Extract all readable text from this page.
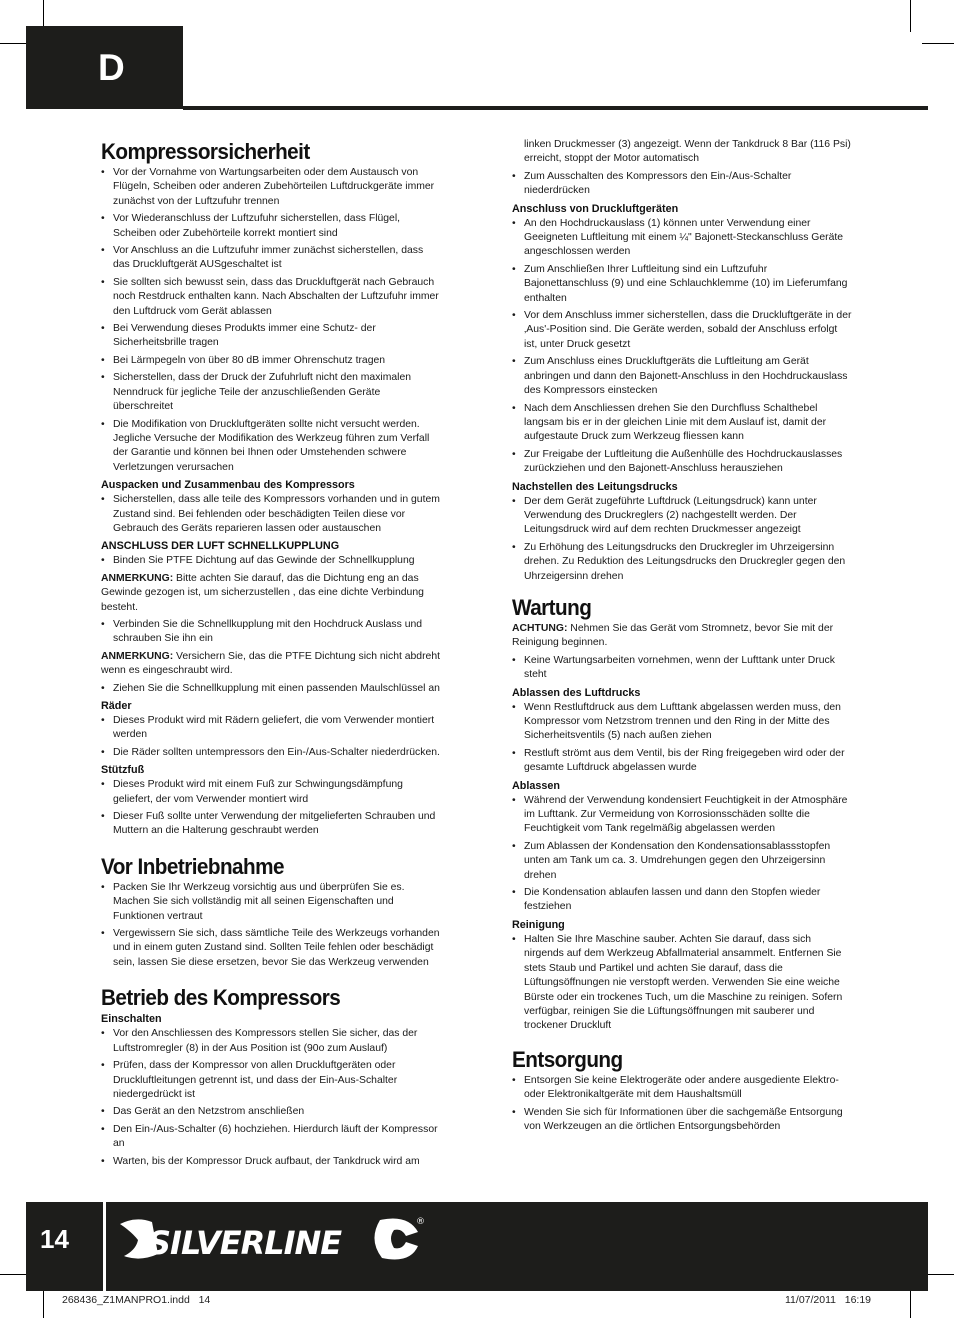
D
Kompressorsicherheit
• Vor der Vornahme von Wartungsarbeiten oder dem Austausch von Flügeln, Scheiben oder anderen Zubehörteilen Luftdruckgeräte immer zunächst von der Luftzufuhr trennen
• Vor Wiederanschluss der Luftzufuhr sicherstellen, dass Flügel, Scheiben oder Zubehörteile korrekt montiert sind
• Vor Anschluss an die Luftzufuhr immer zunächst sicherstellen, dass das Druckluftgerät AUSgeschaltet ist
• Sie sollten sich bewusst sein, dass das Druckluftgerät nach Gebrauch noch Restdruck enthalten kann. Nach Abschalten der Luftzufuhr immer den Luftdruck vom Gerät ablassen
• Bei Verwendung dieses Produkts immer eine Schutz- der Sicherheitsbrille tragen
• Bei Lärmpegeln von über 80 dB immer Ohrenschutz tragen
• Sicherstellen, dass der Druck der Zufuhrluft nicht den maximalen Nenndruck für jegliche Teile der anzuschließenden Geräte überschreitet
• Die Modifikation von Druckluftgeräten sollte nicht versucht werden. Jegliche Versuche der Modifikation des Werkzeug führen zum Verfall der Garantie und können bei Ihnen oder Umstehenden schwere Verletzungen verursachen
Auspacken und Zusammenbau des Kompressors
• Sicherstellen, dass alle teile des Kompressors vorhanden und in gutem Zustand sind. Bei fehlenden oder beschädigten Teilen diese vor Gebrauch des Geräts reparieren lassen oder austauschen
ANSCHLUSS DER LUFT SCHNELLKUPPLUNG
• Binden Sie PTFE Dichtung auf das Gewinde der Schnellkupplung

ANMERKUNG: Bitte achten Sie darauf, das die Dichtung eng an das Gewinde gezogen ist, um sicherzustellen , das eine dichte Verbindung besteht.

• Verbinden Sie die Schnellkupplung mit den Hochdruck Auslass und schrauben Sie ihn ein

ANMERKUNG: Versichern Sie, das die PTFE Dichtung sich nicht abdreht wenn es eingeschraubt wird.

• Ziehen Sie die Schnellkupplung mit einen passenden Maulschlüssel an
Räder
• Dieses Produkt wird mit Rädern geliefert, die vom Verwender montiert werden
• Die Räder sollten untempressors den Ein-/Aus-Schalter niederdrücken.
Stützfuß
• Dieses Produkt wird mit einem Fuß zur Schwingungsdämpfung geliefert, der vom Verwender montiert wird
• Dieser Fuß sollte unter Verwendung der mitgelieferten Schrauben und Muttern an die Halterung geschraubt werden
Vor Inbetriebnahme
• Packen Sie Ihr Werkzeug vorsichtig aus und überprüfen Sie es. Machen Sie sich vollständig mit all seinen Eigenschaften und Funktionen vertraut
• Vergewissern Sie sich, dass sämtliche Teile des Werkzeugs vorhanden und in einem guten Zustand sind. Sollten Teile fehlen oder beschädigt sein, lassen Sie diese ersetzen, bevor Sie das Werkzeug verwenden
Betrieb des Kompressors
Einschalten
• Vor den Anschliessen des Kompressors stellen Sie sicher, das der Luftstromregler (8) in der Aus Position ist (90o zum Auslauf)
• Prüfen, dass der Kompressor von allen Druckluftgeräten oder Druckluftleitungen getrennt ist, und dass der Ein-Aus-Schalter niedergedrückt ist
• Das Gerät an den Netzstrom anschließen
• Den Ein-/Aus-Schalter (6) hochziehen. Hierdurch läuft der Kompressor an
• Warten, bis der Kompressor Druck aufbaut, der Tankdruck wird am

linken Druckmesser (3) angezeigt. Wenn der Tankdruck 8 Bar (116 Psi) erreicht, stoppt der Motor automatisch

• Zum Ausschalten des Kompressors den Ein-/Aus-Schalter niederdrücken
Anschluss von Druckluftgeräten
• An den Hochdruckauslass (1) können unter Verwendung einer Geeigneten Luftleitung mit einem ¼" Bajonett-Steckanschluss Geräte angeschlossen werden
• Zum Anschließen Ihrer Luftleitung sind ein Luftzufuhr Bajonettanschluss (9) und eine Schlauchklemme (10) im Lieferumfang enthalten
• Vor dem Anschluss immer sicherstellen, dass die Druckluftgeräte in der ‚Aus'-Position sind. Die Geräte werden, sobald der Anschluss erfolgt ist, unter Druck gesetzt
• Zum Anschluss eines Druckluftgeräts die Luftleitung am Gerät anbringen und dann den Bajonett-Anschluss in den Hochdruckauslass des Kompressors einstecken
• Nach dem Anschliessen drehen Sie den Durchfluss Schalthebel langsam bis er in der gleichen Linie mit dem Auslauf ist, damit der aufgestaute Druck zum Werkzeug fliessen kann
• Zur Freigabe der Luftleitung die Außenhülle des Hochdruckauslasses zurückziehen und den Bajonett-Anschluss herausziehen
Nachstellen des Leitungsdrucks
• Der dem Gerät zugeführte Luftdruck (Leitungsdruck) kann unter Verwendung des Druckreglers (2) nachgestellt werden. Der Leitungsdruck wird auf dem rechten Druckmesser angezeigt
• Zu Erhöhung des Leitungsdrucks den Druckregler im Uhrzeigersinn drehen. Zu Reduktion des Leitungsdrucks den Druckregler gegen den Uhrzeigersinn drehen
Wartung

ACHTUNG: Nehmen Sie das Gerät vom Stromnetz, bevor Sie mit der Reinigung beginnen.

• Keine Wartungsarbeiten vornehmen, wenn der Lufttank unter Druck steht
Ablassen des Luftdrucks
• Wenn Restluftdruck aus dem Lufttank abgelassen werden muss, den Kompressor vom Netzstrom trennen und den Ring in der Mitte des Sicherheitsventils (5) nach außen ziehen
• Restluft strömt aus dem Ventil, bis der Ring freigegeben wird oder der gesamte Luftdruck abgelassen wurde
Ablassen
• Während der Verwendung kondensiert Feuchtigkeit in der Atmosphäre im Lufttank. Zur Vermeidung von Korrosionsschäden sollte die Feuchtigkeit vom Tank regelmäßig abgelassen werden
• Zum Ablassen der Kondensation den Kondensationsablassstopfen unten am Tank um ca. 3. Umdrehungen gegen den Uhrzeigersinn drehen
• Die Kondensation ablaufen lassen und dann den Stopfen wieder festziehen
Reinigung
• Halten Sie Ihre Maschine sauber. Achten Sie darauf, dass sich nirgends auf dem Werkzeug Abfallmaterial ansammelt. Entfernen Sie stets Staub und Partikel und achten Sie darauf, dass die Lüftungsöffnungen nie verstopft werden. Verwenden Sie eine weiche Bürste oder ein trockenes Tuch, um die Maschine zu reinigen. Sofern verfügbar, reinigen Sie die Lüftungsöffnungen mit sauberer und trockener Druckluft
Entsorgung
• Entsorgen Sie keine Elektrogeräte oder andere ausgediente Elektro- oder Elektronikaltgeräte mit dem Haushaltsmüll
• Wenden Sie sich für Informationen über die sachgemäße Entsorgung von Werkzeugen an die örtlichen Entsorgungsbehörden
14 SILVERLINE
®
268436_Z1MANPRO1.indd   14	11/07/2011   16:19
